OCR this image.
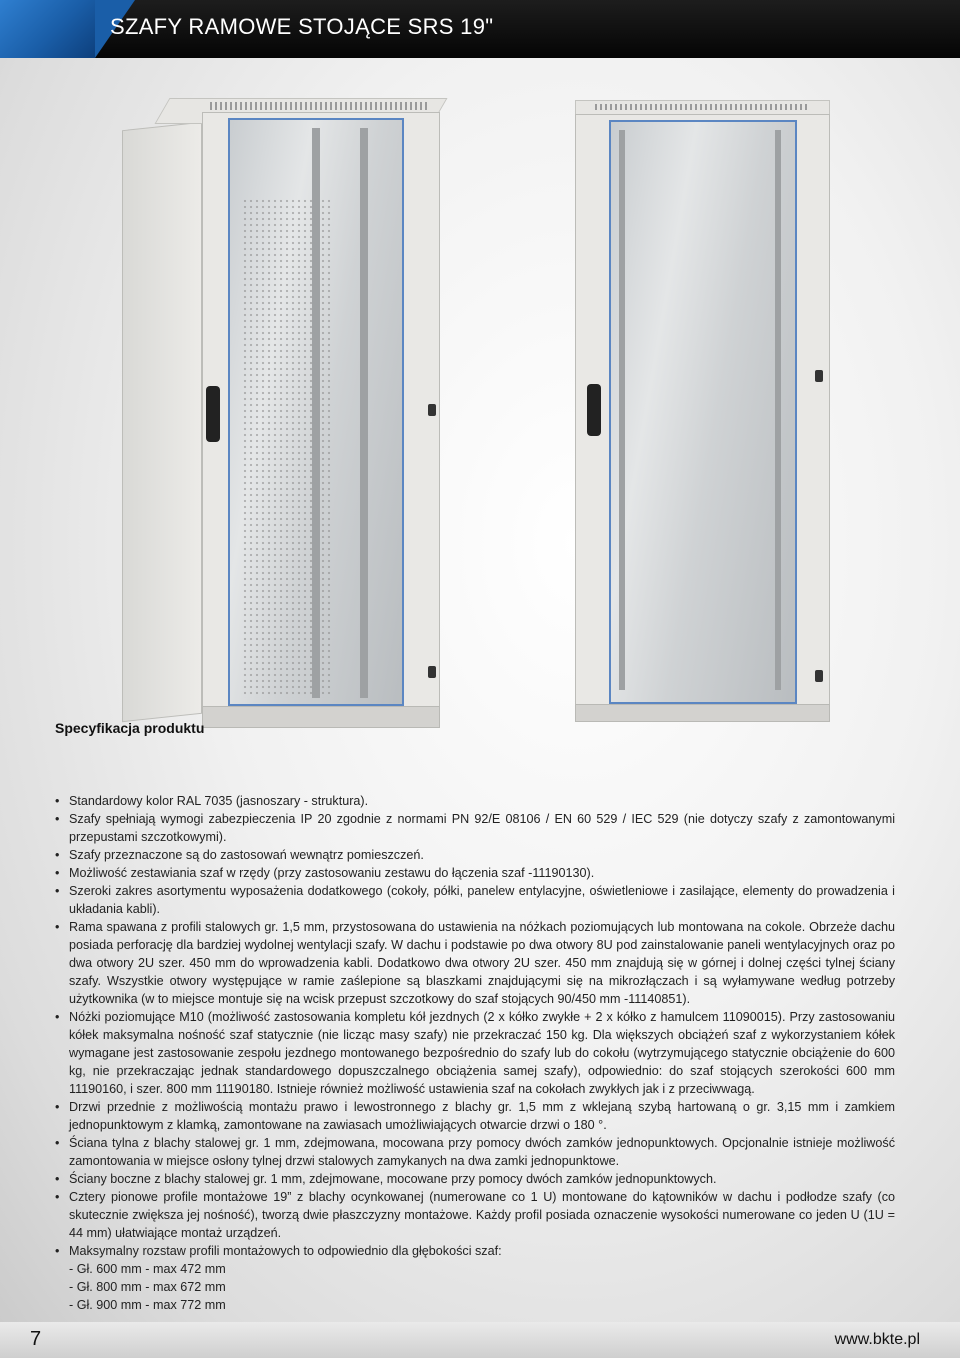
SZAFY RAMOWE STOJĄCE SRS 19"
Specyfikacja produktu
• Standardowy kolor RAL 7035 (jasnoszary - struktura).
• Szafy spełniają wymogi zabezpieczenia IP 20 zgodnie z normami PN 92/E 08106 / EN 60 529 / IEC 529 (nie dotyczy szafy z zamontowanymi przepustami szczotkowymi).
• Szafy przeznaczone są do zastosowań wewnątrz pomieszczeń.
• Możliwość zestawiania szaf w rzędy (przy zastosowaniu zestawu do łączenia szaf -11190130).
• Szeroki zakres asortymentu wyposażenia dodatkowego (cokoły, półki, panelew entylacyjne, oświetleniowe i zasilające, elementy do prowadzenia i układania kabli).
• Rama spawana z profili stalowych gr. 1,5 mm, przystosowana do ustawienia na nóżkach poziomujących lub montowana na cokole. Obrzeże dachu posiada perforację dla bardziej wydolnej wentylacji szafy. W dachu i podstawie po dwa otwory 8U pod zainstalowanie paneli wentylacyjnych oraz po dwa otwory 2U szer. 450 mm do wprowadzenia kabli. Dodatkowo dwa otwory 2U szer. 450 mm znajdują się w górnej i dolnej części tylnej ściany szafy. Wszystkie otwory występujące w ramie zaślepione są blaszkami znajdującymi się na mikrozłączach i są wyłamywane według potrzeby użytkownika (w to miejsce montuje się na wcisk przepust szczotkowy do szaf stojących 90/450 mm -11140851).
• Nóżki poziomujące M10 (możliwość zastosowania kompletu kół jezdnych (2 x kółko zwykłe + 2 x kółko z hamulcem 11090015). Przy zastosowaniu kółek maksymalna nośność szaf statycznie (nie licząc masy szafy) nie przekraczać 150 kg. Dla większych obciążeń szaf z wykorzystaniem kółek wymagane jest zastosowanie zespołu jezdnego montowanego bezpośrednio do szafy lub do cokołu (wytrzymującego statycznie obciążenie do 600 kg, nie przekraczając jednak standardowego dopuszczalnego obciążenia samej szafy), odpowiednio: do szaf stojących szerokości 600 mm 11190160, i szer. 800 mm 11190180. Istnieje również możliwość ustawienia szaf na cokołach zwykłych jak i z przeciwwagą.
• Drzwi przednie z możliwością montażu prawo i lewostronnego z blachy gr. 1,5 mm z wklejaną szybą hartowaną o gr. 3,15 mm i zamkiem jednopunktowym z klamką, zamontowane na zawiasach umożliwiających otwarcie drzwi o 180 °.
• Ściana tylna z blachy stalowej gr. 1 mm, zdejmowana, mocowana przy pomocy dwóch zamków jednopunktowych. Opcjonalnie istnieje możliwość zamontowania w miejsce osłony tylnej drzwi stalowych zamykanych na dwa zamki jednopunktowe.
• Ściany boczne z blachy stalowej gr. 1 mm, zdejmowane, mocowane przy pomocy dwóch zamków jednopunktowych.
• Cztery pionowe profile montażowe 19” z blachy ocynkowanej (numerowane co 1 U) montowane do kątowników w dachu i podłodze szafy (co skutecznie zwiększa jej nośność), tworzą dwie płaszczyzny montażowe. Każdy profil posiada oznaczenie wysokości numerowane co jeden U (1U = 44 mm) ułatwiające montaż urządzeń.
• Maksymalny rozstaw profili montażowych to odpowiednio dla głębokości szaf:
- Gł. 600 mm - max 472 mm
- Gł. 800 mm - max 672 mm
- Gł. 900 mm - max 772 mm
7	www.bkte.pl
